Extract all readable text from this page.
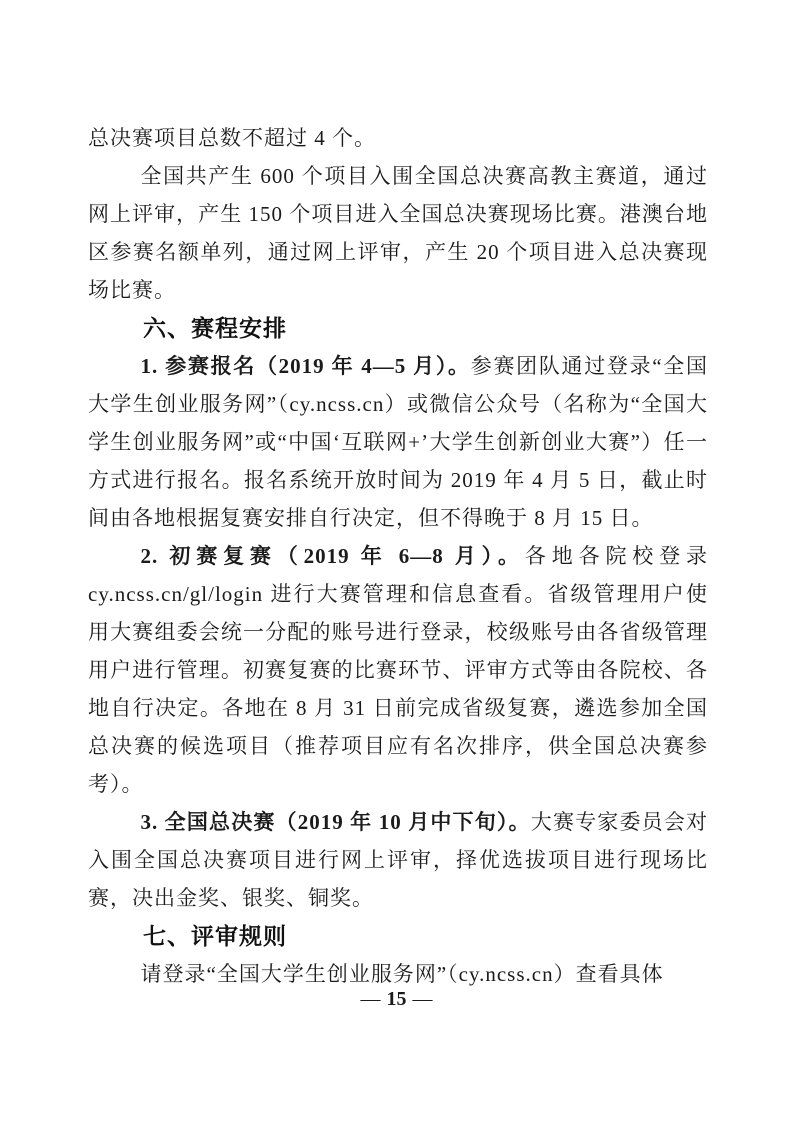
总决赛项目总数不超过 4 个。

全国共产生 600 个项目入围全国总决赛高教主赛道，通过网上评审，产生 150 个项目进入全国总决赛现场比赛。港澳台地区参赛名额单列，通过网上评审，产生 20 个项目进入总决赛现场比赛。

六、赛程安排

1. 参赛报名（2019 年 4—5 月）。参赛团队通过登录“全国大学生创业服务网”（cy.ncss.cn）或微信公众号（名称为“全国大学生创业服务网”或“中国‘互联网+’大学生创新创业大赛”）任一方式进行报名。报名系统开放时间为 2019 年 4 月 5 日，截止时间由各地根据复赛安排自行决定，但不得晚于 8 月 15 日。

2. 初赛复赛（2019 年 6—8 月）。各地各院校登录 cy.ncss.cn/gl/login 进行大赛管理和信息查看。省级管理用户使用大赛组委会统一分配的账号进行登录，校级账号由各省级管理用户进行管理。初赛复赛的比赛环节、评审方式等由各院校、各地自行决定。各地在 8 月 31 日前完成省级复赛，遴选参加全国总决赛的候选项目（推荐项目应有名次排序，供全国总决赛参考）。

3. 全国总决赛（2019 年 10 月中下旬）。大赛专家委员会对入围全国总决赛项目进行网上评审，择优选拔项目进行现场比赛，决出金奖、银奖、铜奖。

七、评审规则

请登录“全国大学生创业服务网”（cy.ncss.cn）查看具体

— 15 —
